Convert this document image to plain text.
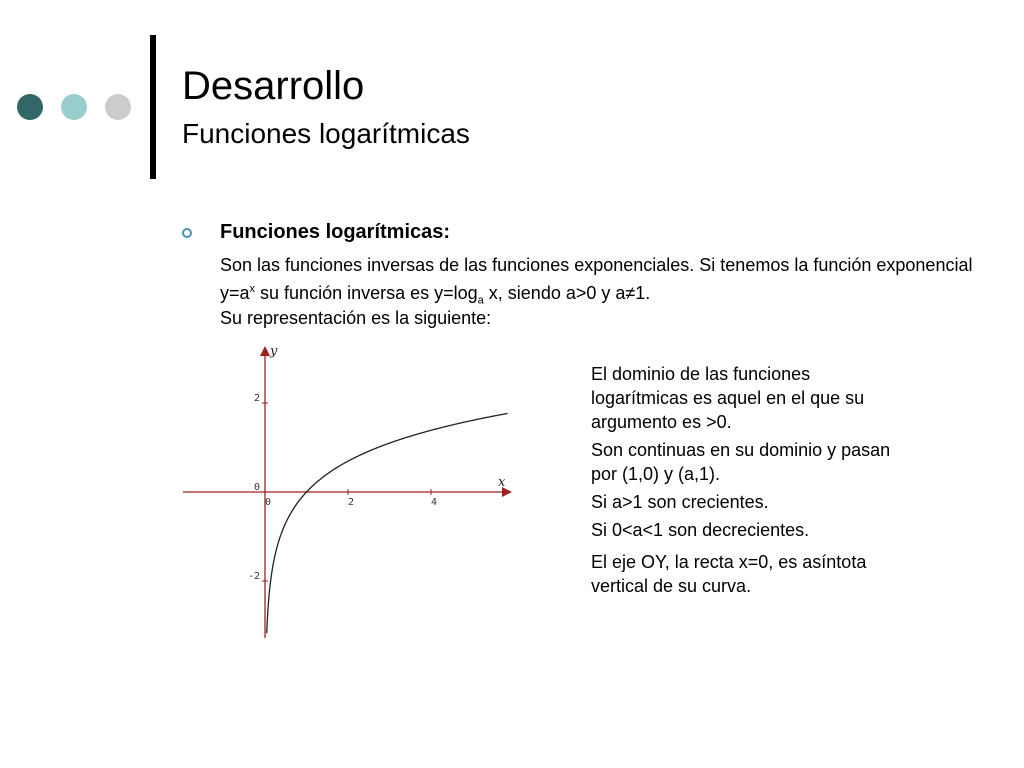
Desarrollo
Funciones logarítmicas
Funciones logarítmicas:
Son las funciones inversas de las funciones exponenciales. Si tenemos la función exponencial $y=a^x$ su función inversa es $y=\log_a$ x, siendo a>0 y a≠1.
Su representación es la siguiente:
0	2	4
2
0
-2
x
y

El dominio de las funciones logarítmicas es aquel en el que su argumento es >0.

Son continuas en su dominio y pasan por (1,0) y (a,1).

Si a>1 son crecientes.

Si 0<a<1 son decrecientes.

El eje OY, la recta x=0, es asíntota vertical de su curva.
